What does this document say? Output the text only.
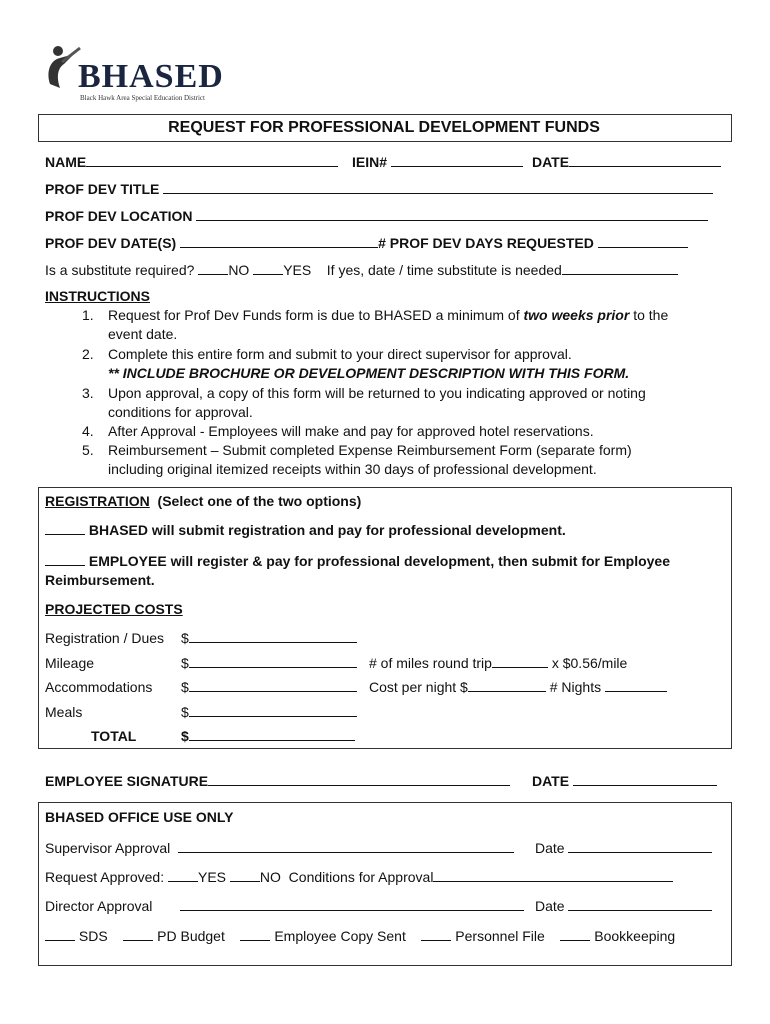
BHASED
Black Hawk Area Special Education District
REQUEST FOR PROFESSIONAL DEVELOPMENT FUNDS
NAME	IEIN#	DATE
PROF DEV TITLE
PROF DEV LOCATION
PROF DEV DATE(S)	# PROF DEV DAYS REQUESTED
Is a substitute required? NO YES If yes, date / time substitute is needed
INSTRUCTIONS
1. Request for Prof Dev Funds form is due to BHASED a minimum of two weeks prior to the
event date.
2. Complete this entire form and submit to your direct supervisor for approval.
** INCLUDE BROCHURE OR DEVELOPMENT DESCRIPTION WITH THIS FORM.
3. Upon approval, a copy of this form will be returned to you indicating approved or noting
conditions for approval.
4. After Approval - Employees will make and pay for approved hotel reservations.
5. Reimbursement – Submit completed Expense Reimbursement Form (separate form)
including original itemized receipts within 30 days of professional development.
REGISTRATION (Select one of the two options)
BHASED will submit registration and pay for professional development.
EMPLOYEE will register & pay for professional development, then submit for Employee
Reimbursement.
PROJECTED COSTS
Registration / Dues $
Mileage	$	# of miles round trip	x $0.56/mile
Accommodations $	Cost per night $	# Nights
Meals	$
TOTAL	$
EMPLOYEE SIGNATURE	DATE
BHASED OFFICE USE ONLY
Supervisor Approval	Date
Request Approved: YES NO Conditions for Approval
Director Approval	Date
SDS	PD Budget	Employee Copy Sent	Personnel File	Bookkeeping
